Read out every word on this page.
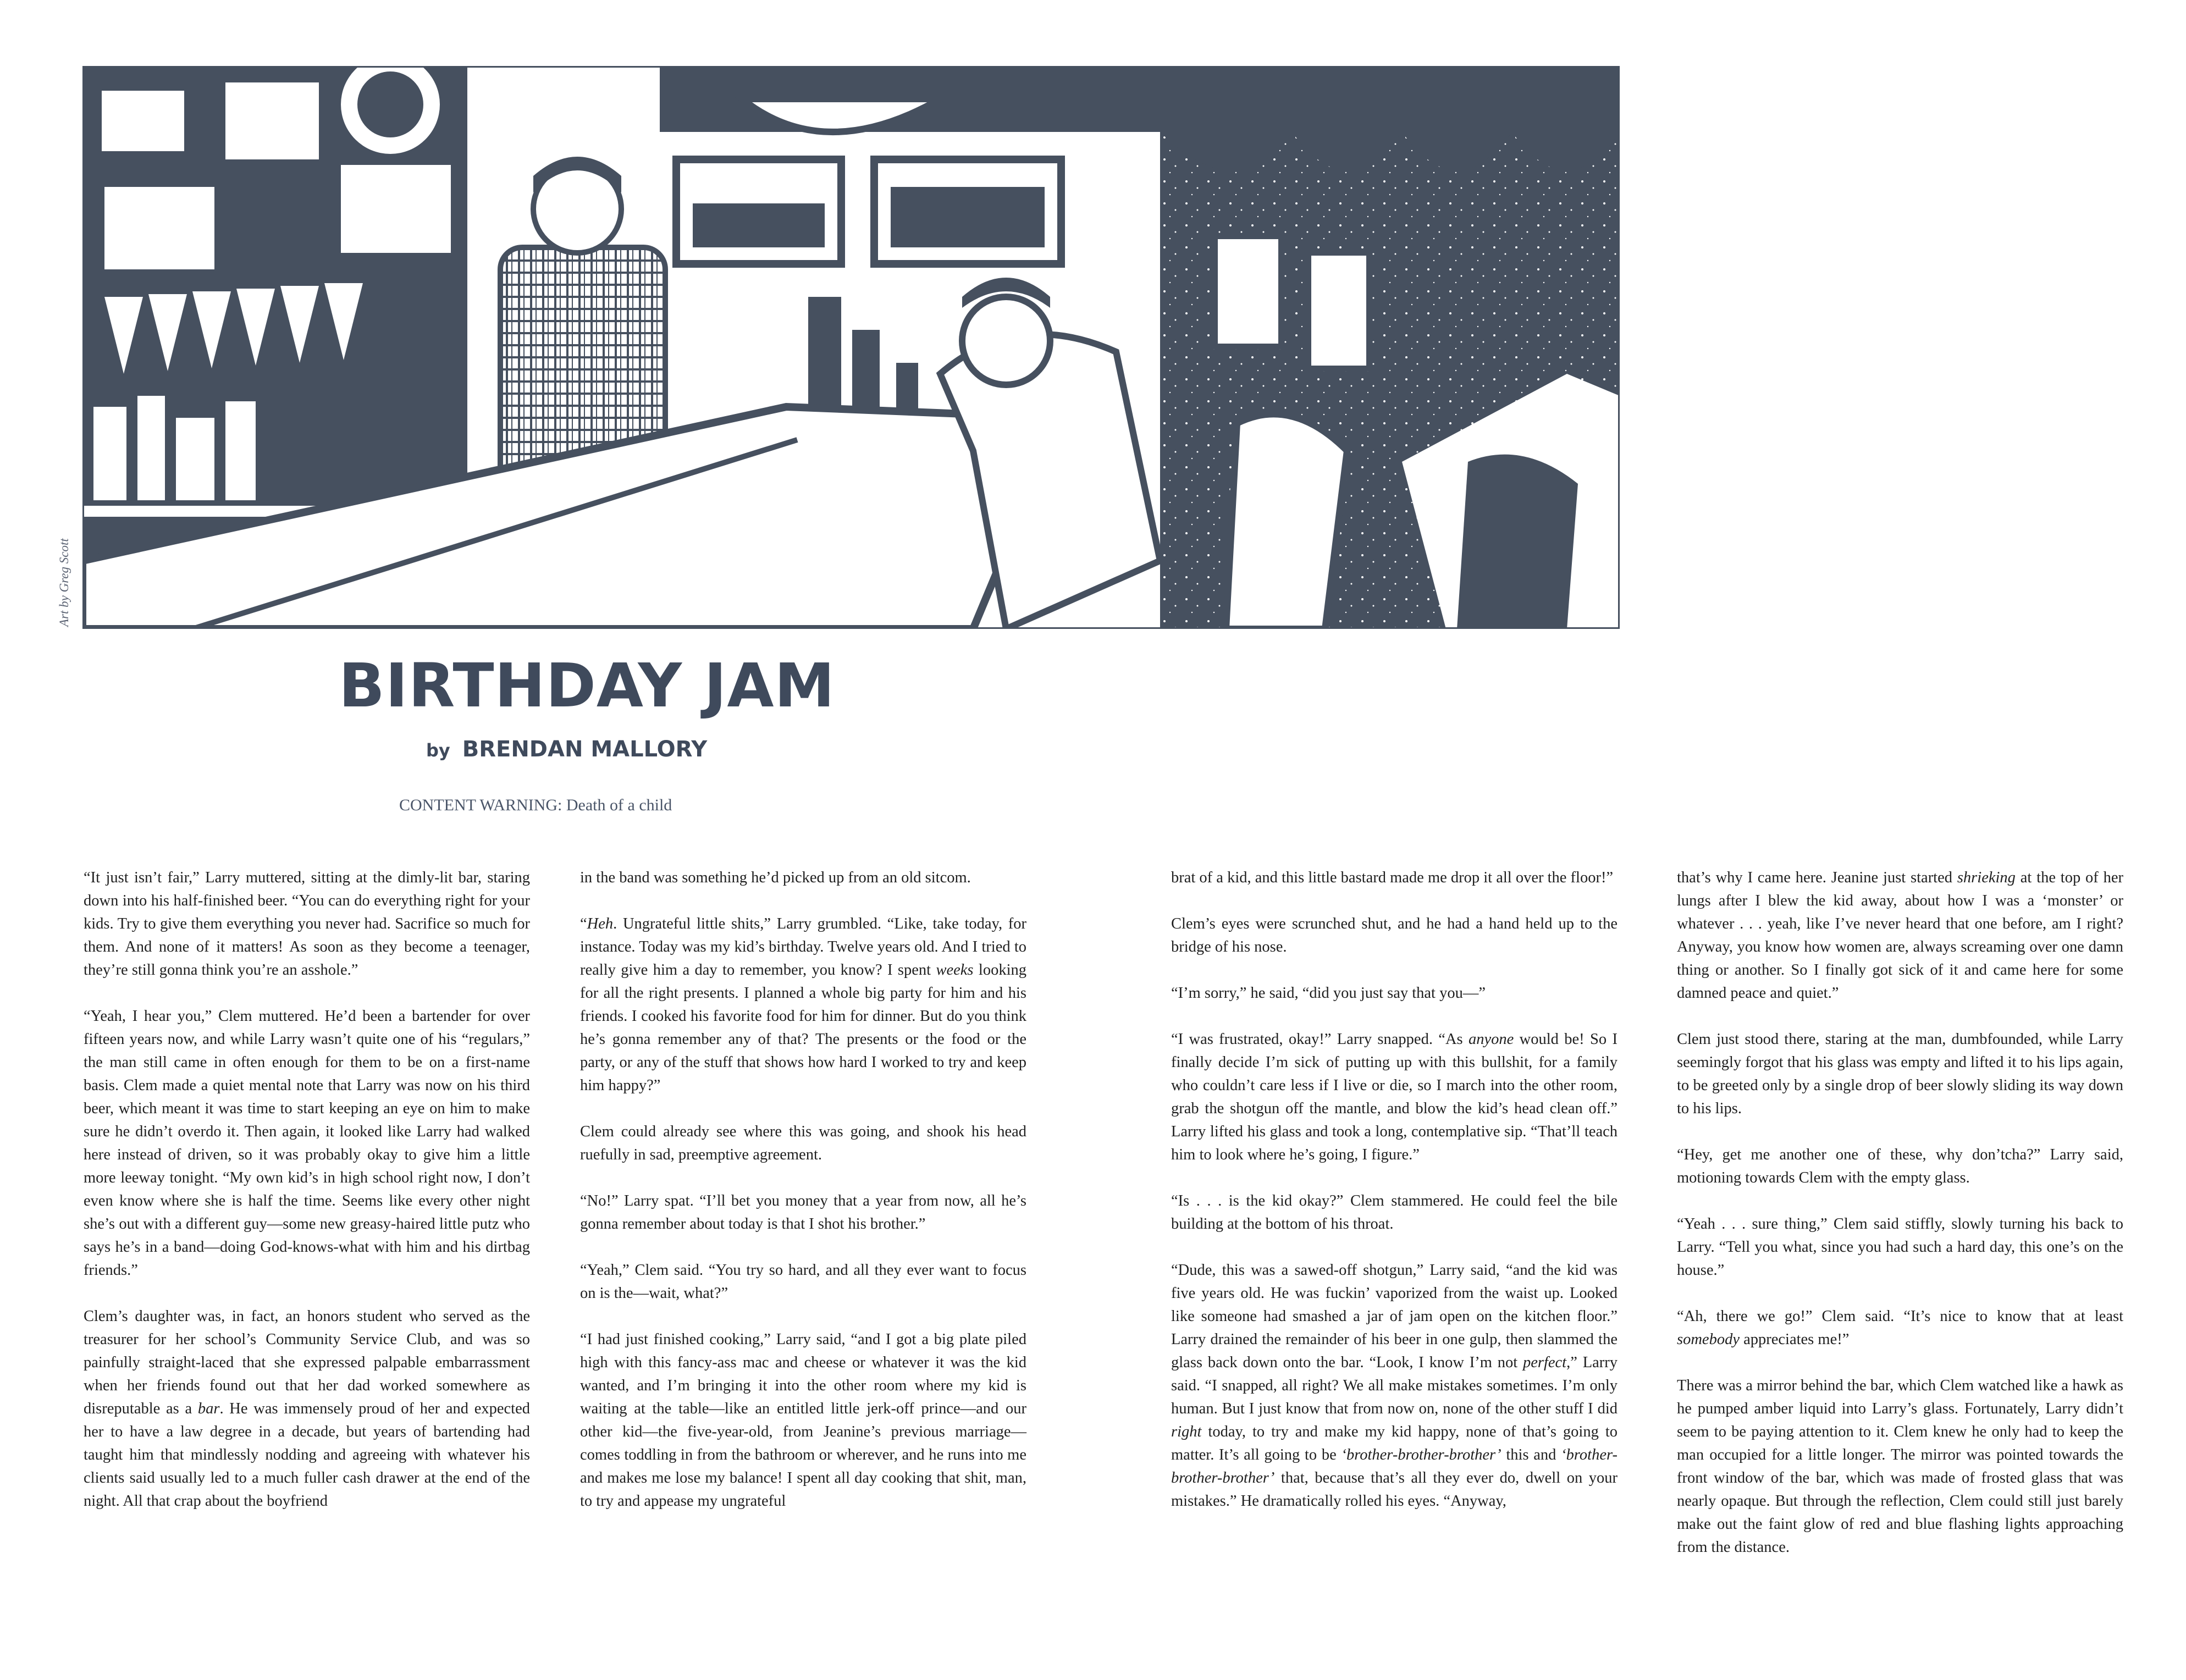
Art by Greg Scott
BIRTHDAY JAM
by BRENDAN MALLORY
CONTENT WARNING: Death of a child

“It just isn’t fair,” Larry muttered, sitting at the dimly-lit bar, staring down into his half-finished beer. “You can do everything right for your kids. Try to give them everything you never had. Sacrifice so much for them. And none of it matters! As soon as they become a teenager, they’re still gonna think you’re an asshole.”

“Yeah, I hear you,” Clem muttered. He’d been a bartender for over fifteen years now, and while Larry wasn’t quite one of his “regulars,” the man still came in often enough for them to be on a first-name basis. Clem made a quiet mental note that Larry was now on his third beer, which meant it was time to start keeping an eye on him to make sure he didn’t overdo it. Then again, it looked like Larry had walked here instead of driven, so it was probably okay to give him a little more leeway tonight. “My own kid’s in high school right now, I don’t even know where she is half the time. Seems like every other night she’s out with a different guy—some new greasy-haired little putz who says he’s in a band—doing God-knows-what with him and his dirtbag friends.”

Clem’s daughter was, in fact, an honors student who served as the treasurer for her school’s Community Service Club, and was so painfully straight-laced that she expressed palpable embarrassment when her friends found out that her dad worked somewhere as disreputable as a bar. He was immensely proud of her and expected her to have a law degree in a decade, but years of bartending had taught him that mindlessly nodding and agreeing with whatever his clients said usually led to a much fuller cash drawer at the end of the night. All that crap about the boyfriend

in the band was something he’d picked up from an old sitcom.

“Heh. Ungrateful little shits,” Larry grumbled. “Like, take today, for instance. Today was my kid’s birthday. Twelve years old. And I tried to really give him a day to remember, you know? I spent weeks looking for all the right presents. I planned a whole big party for him and his friends. I cooked his favorite food for him for dinner. But do you think he’s gonna remember any of that? The presents or the food or the party, or any of the stuff that shows how hard I worked to try and keep him happy?”

Clem could already see where this was going, and shook his head ruefully in sad, preemptive agreement.

“No!” Larry spat. “I’ll bet you money that a year from now, all he’s gonna remember about today is that I shot his brother.”

“Yeah,” Clem said. “You try so hard, and all they ever want to focus on is the—wait, what?”

“I had just finished cooking,” Larry said, “and I got a big plate piled high with this fancy-ass mac and cheese or whatever it was the kid wanted, and I’m bringing it into the other room where my kid is waiting at the table—like an entitled little jerk-off prince—and our other kid—the five-year-old, from Jeanine’s previous marriage—comes toddling in from the bathroom or wherever, and he runs into me and makes me lose my balance! I spent all day cooking that shit, man, to try and appease my ungrateful

brat of a kid, and this little bastard made me drop it all over the floor!”

Clem’s eyes were scrunched shut, and he had a hand held up to the bridge of his nose.

“I’m sorry,” he said, “did you just say that you—”

“I was frustrated, okay!” Larry snapped. “As anyone would be! So I finally decide I’m sick of putting up with this bullshit, for a family who couldn’t care less if I live or die, so I march into the other room, grab the shotgun off the mantle, and blow the kid’s head clean off.” Larry lifted his glass and took a long, contemplative sip. “That’ll teach him to look where he’s going, I figure.”

“Is . . . is the kid okay?” Clem stammered. He could feel the bile building at the bottom of his throat.

“Dude, this was a sawed-off shotgun,” Larry said, “and the kid was five years old. He was fuckin’ vaporized from the waist up. Looked like someone had smashed a jar of jam open on the kitchen floor.” Larry drained the remainder of his beer in one gulp, then slammed the glass back down onto the bar. “Look, I know I’m not perfect,” Larry said. “I snapped, all right? We all make mistakes sometimes. I’m only human. But I just know that from now on, none of the other stuff I did right today, to try and make my kid happy, none of that’s going to matter. It’s all going to be ‘brother-brother-brother’ this and ‘brother-brother-brother’ that, because that’s all they ever do, dwell on your mistakes.” He dramatically rolled his eyes. “Anyway,

that’s why I came here. Jeanine just started shrieking at the top of her lungs after I blew the kid away, about how I was a ‘monster’ or whatever . . . yeah, like I’ve never heard that one before, am I right? Anyway, you know how women are, always screaming over one damn thing or another. So I finally got sick of it and came here for some damned peace and quiet.”

Clem just stood there, staring at the man, dumbfounded, while Larry seemingly forgot that his glass was empty and lifted it to his lips again, to be greeted only by a single drop of beer slowly sliding its way down to his lips.

“Hey, get me another one of these, why don’tcha?” Larry said, motioning towards Clem with the empty glass.

“Yeah . . . sure thing,” Clem said stiffly, slowly turning his back to Larry. “Tell you what, since you had such a hard day, this one’s on the house.”

“Ah, there we go!” Clem said. “It’s nice to know that at least somebody appreciates me!”

There was a mirror behind the bar, which Clem watched like a hawk as he pumped amber liquid into Larry’s glass. Fortunately, Larry didn’t seem to be paying attention to it. Clem knew he only had to keep the man occupied for a little longer. The mirror was pointed towards the front window of the bar, which was made of frosted glass that was nearly opaque. But through the reflection, Clem could still just barely make out the faint glow of red and blue flashing lights approaching from the distance.
